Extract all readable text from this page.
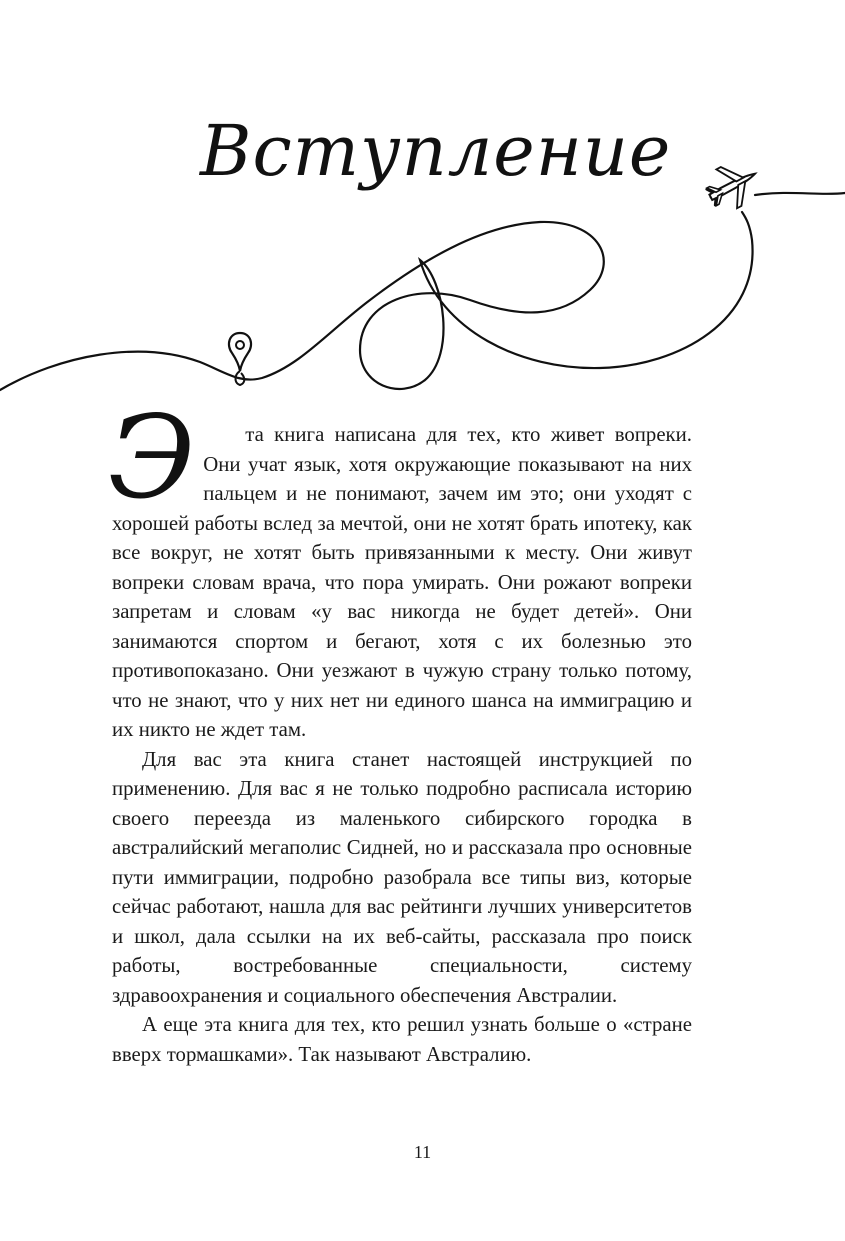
Вступление

Э та книга написана для тех, кто живет вопреки. Они учат язык, хотя окружающие показывают на них пальцем и не понимают, зачем им это; они уходят с хорошей работы вслед за мечтой, они не хотят брать ипотеку, как все вокруг, не хотят быть привязанными к месту. Они живут вопреки словам врача, что пора умирать. Они рожают вопреки запретам и словам «у вас никогда не будет детей». Они занимаются спортом и бегают, хотя с их болезнью это противопоказано. Они уезжают в чужую страну только потому, что не знают, что у них нет ни единого шанса на иммиграцию и их никто не ждет там.

Для вас эта книга станет настоящей инструкцией по применению. Для вас я не только подробно расписала историю своего переезда из маленького сибирского городка в австралийский мегаполис Сидней, но и рассказала про основные пути иммиграции, подробно разобрала все типы виз, которые сейчас работают, нашла для вас рейтинги лучших университетов и школ, дала ссылки на их веб-сайты, рассказала про поиск работы, востребованные специальности, систему здравоохранения и социального обеспечения Австралии.

А еще эта книга для тех, кто решил узнать больше о «стране вверх тормашками». Так называют Австралию.

11
